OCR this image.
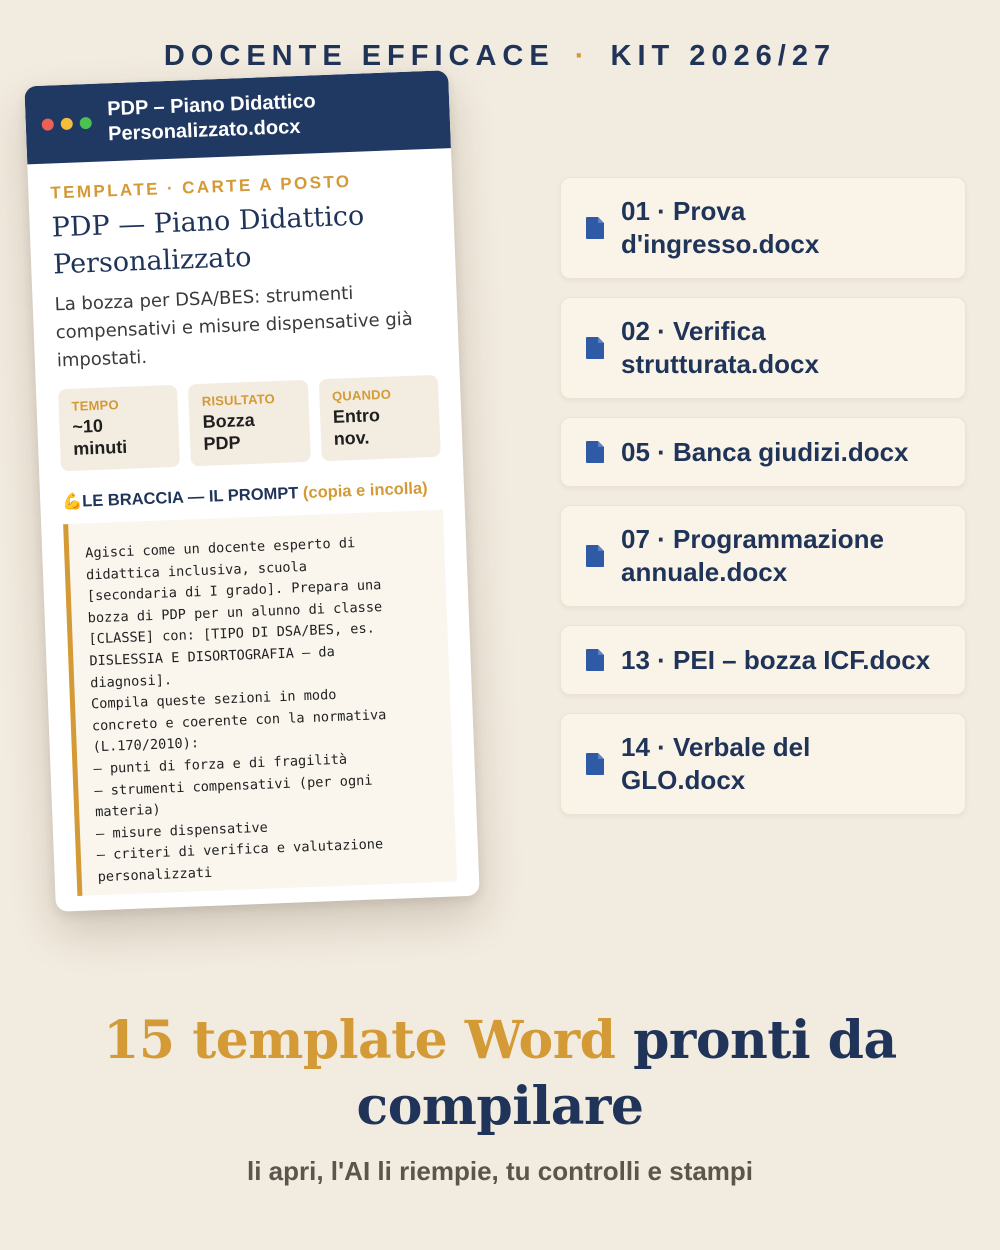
DOCENTE EFFICACE · KIT 2026/27
PDP – Piano Didattico
Personalizzato.docx
TEMPLATE · CARTE A POSTO
PDP — Piano Didattico
Personalizzato
La bozza per DSA/BES: strumenti compensativi e misure dispensative già impostati.
TEMPO
~10
minuti
RISULTATO
Bozza
PDP
QUANDO
Entro
nov.
💪LE BRACCIA — IL PROMPT (copia e incolla)
Agisci come un docente esperto di
didattica inclusiva, scuola
[secondaria di I grado]. Prepara una
bozza di PDP per un alunno di classe
[CLASSE] con: [TIPO DI DSA/BES, es.
DISLESSIA E DISORTOGRAFIA — da
diagnosi].
Compila queste sezioni in modo
concreto e coerente con la normativa
(L.170/2010):
— punti di forza e di fragilità
— strumenti compensativi (per ogni
materia)
— misure dispensative
— criteri di verifica e valutazione
personalizzati
01 · Prova
d'ingresso.docx
02 · Verifica
strutturata.docx
05 · Banca giudizi.docx
07 · Programmazione
annuale.docx
13 · PEI – bozza ICF.docx
14 · Verbale del
GLO.docx
15 template Word pronti da
compilare
li apri, l'AI li riempie, tu controlli e stampi
